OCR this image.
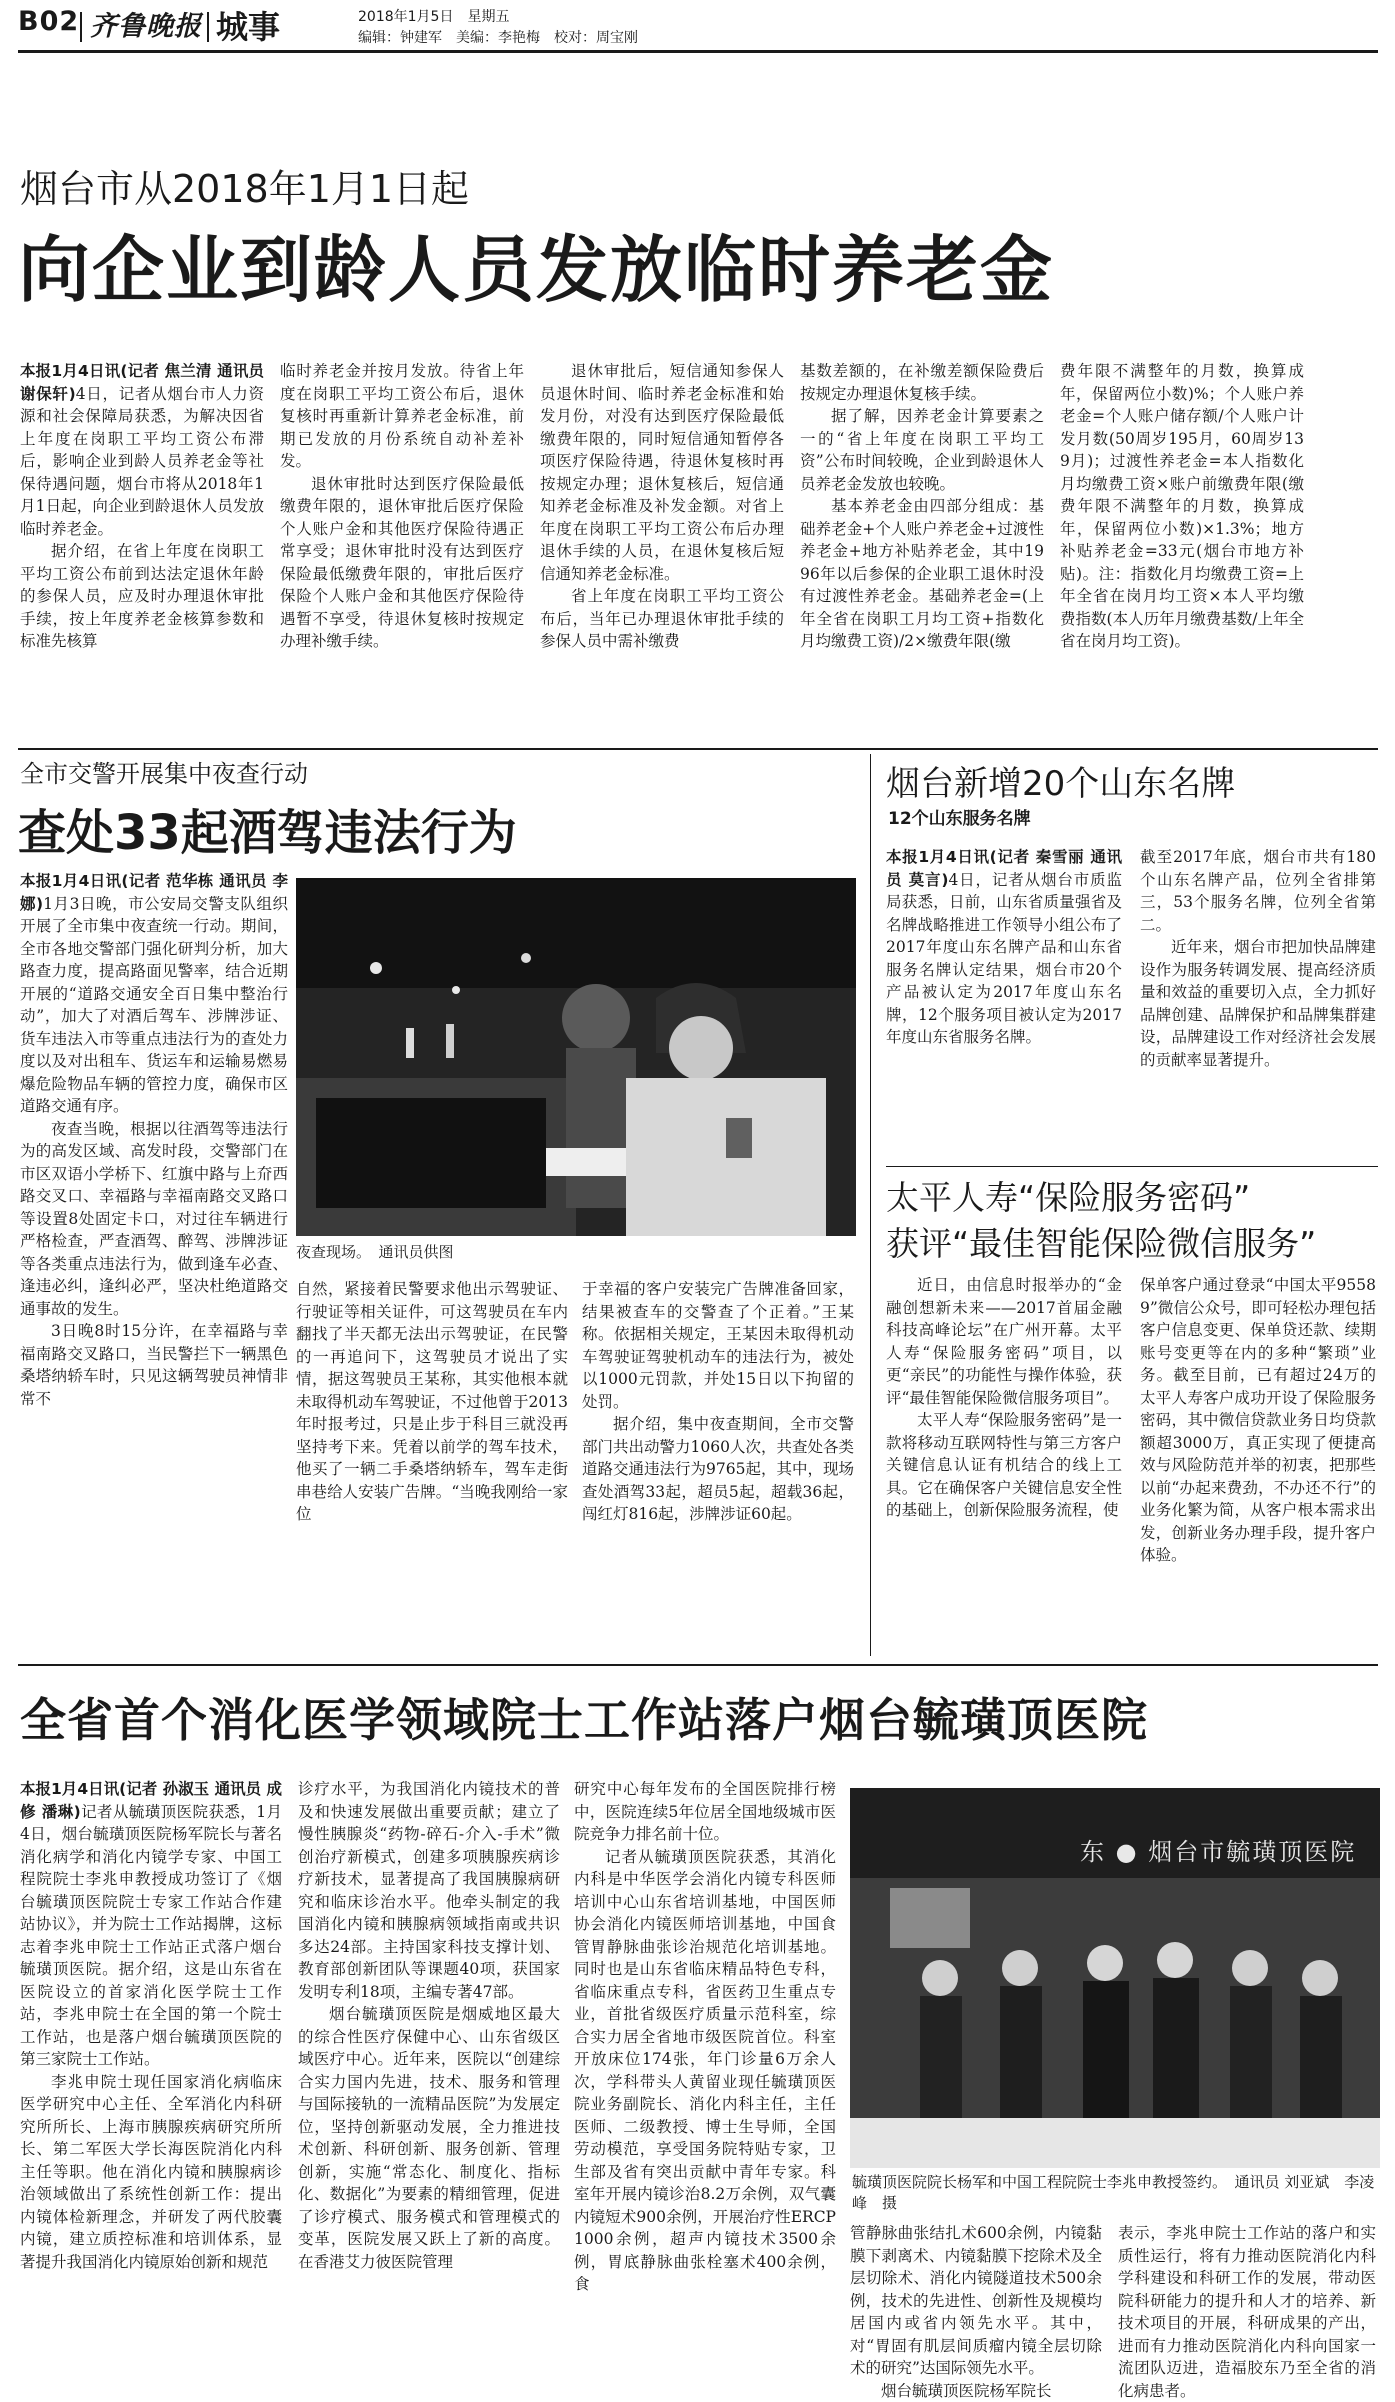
B02 齐鲁晚报 城事	2018年1月5日　星期五
编辑：钟建军　美编：李艳梅　校对：周宝刚
烟台市从2018年1月1日起
向企业到龄人员发放临时养老金

本报1月4日讯(记者 焦兰清 通讯员 谢保轩)4日，记者从烟台市人力资源和社会保障局获悉，为解决因省上年度在岗职工平均工资公布滞后，影响企业到龄人员养老金等社保待遇问题，烟台市将从2018年1月1日起，向企业到龄退休人员发放临时养老金。

据介绍，在省上年度在岗职工平均工资公布前到达法定退休年龄的参保人员，应及时办理退休审批手续，按上年度养老金核算参数和标准先核算

临时养老金并按月发放。待省上年度在岗职工平均工资公布后，退休复核时再重新计算养老金标准，前期已发放的月份系统自动补差补发。

退休审批时达到医疗保险最低缴费年限的，退休审批后医疗保险个人账户金和其他医疗保险待遇正常享受；退休审批时没有达到医疗保险最低缴费年限的，审批后医疗保险个人账户金和其他医疗保险待遇暂不享受，待退休复核时按规定办理补缴手续。

退休审批后，短信通知参保人员退休时间、临时养老金标准和始发月份，对没有达到医疗保险最低缴费年限的，同时短信通知暂停各项医疗保险待遇，待退休复核时再按规定办理；退休复核后，短信通知养老金标准及补发金额。对省上年度在岗职工平均工资公布后办理退休手续的人员，在退休复核后短信通知养老金标准。

省上年度在岗职工平均工资公布后，当年已办理退休审批手续的参保人员中需补缴费

基数差额的，在补缴差额保险费后按规定办理退休复核手续。

据了解，因养老金计算要素之一的“省上年度在岗职工平均工资”公布时间较晚，企业到龄退休人员养老金发放也较晚。

基本养老金由四部分组成：基础养老金+个人账户养老金+过渡性养老金+地方补贴养老金，其中1996年以后参保的企业职工退休时没有过渡性养老金。基础养老金=(上年全省在岗职工月均工资+指数化月均缴费工资)/2×缴费年限(缴

费年限不满整年的月数，换算成年，保留两位小数)%；个人账户养老金=个人账户储存额/个人账户计发月数(50周岁195月，60周岁139月)；过渡性养老金=本人指数化月均缴费工资×账户前缴费年限(缴费年限不满整年的月数，换算成年，保留两位小数)×1.3%；地方补贴养老金=33元(烟台市地方补贴)。注：指数化月均缴费工资=上年全省在岗月均工资×本人平均缴费指数(本人历年月缴费基数/上年全省在岗月均工资)。

全市交警开展集中夜查行动
查处33起酒驾违法行为

本报1月4日讯(记者 范华栋 通讯员 李娜)1月3日晚，市公安局交警支队组织开展了全市集中夜查统一行动。期间，全市各地交警部门强化研判分析，加大路查力度，提高路面见警率，结合近期开展的“道路交通安全百日集中整治行动”，加大了对酒后驾车、涉牌涉证、货车违法入市等重点违法行为的查处力度以及对出租车、货运车和运输易燃易爆危险物品车辆的管控力度，确保市区道路交通有序。

夜查当晚，根据以往酒驾等违法行为的高发区域、高发时段，交警部门在市区双语小学桥下、红旗中路与上夼西路交叉口、幸福路与幸福南路交叉路口等设置8处固定卡口，对过往车辆进行严格检查，严查酒驾、醉驾、涉牌涉证等各类重点违法行为，做到逢车必查、逢违必纠，逢纠必严，坚决杜绝道路交通事故的发生。

3日晚8时15分许，在幸福路与幸福南路交叉路口，当民警拦下一辆黑色桑塔纳轿车时，只见这辆驾驶员神情非常不

夜查现场。　通讯员供图

自然，紧接着民警要求他出示驾驶证、行驶证等相关证件，可这驾驶员在车内翻找了半天都无法出示驾驶证，在民警的一再追问下，这驾驶员才说出了实情，据这驾驶员王某称，其实他根本就未取得机动车驾驶证，不过他曾于2013年时报考过，只是止步于科目三就没再坚持考下来。凭着以前学的驾车技术，他买了一辆二手桑塔纳轿车，驾车走街串巷给人安装广告牌。“当晚我刚给一家位

于幸福的客户安装完广告牌准备回家，结果被查车的交警查了个正着。”王某称。依据相关规定，王某因未取得机动车驾驶证驾驶机动车的违法行为，被处以1000元罚款，并处15日以下拘留的处罚。

据介绍，集中夜查期间，全市交警部门共出动警力1060人次，共查处各类道路交通违法行为9765起，其中，现场查处酒驾33起，超员5起，超载36起，闯红灯816起，涉牌涉证60起。

烟台新增20个山东名牌
12个山东服务名牌

本报1月4日讯(记者 秦雪丽 通讯员 莫言)4日，记者从烟台市质监局获悉，日前，山东省质量强省及名牌战略推进工作领导小组公布了2017年度山东名牌产品和山东省服务名牌认定结果，烟台市20个产品被认定为2017年度山东名牌，12个服务项目被认定为2017年度山东省服务名牌。

截至2017年底，烟台市共有180个山东名牌产品，位列全省排第三，53个服务名牌，位列全省第二。

近年来，烟台市把加快品牌建设作为服务转调发展、提高经济质量和效益的重要切入点，全力抓好品牌创建、品牌保护和品牌集群建设，品牌建设工作对经济社会发展的贡献率显著提升。

太平人寿“保险服务密码”
获评“最佳智能保险微信服务”

近日，由信息时报举办的“金融创想新未来——2017首届金融科技高峰论坛”在广州开幕。太平人寿“保险服务密码”项目，以更“亲民”的功能性与操作体验，获评“最佳智能保险微信服务项目”。

太平人寿“保险服务密码”是一款将移动互联网特性与第三方客户关键信息认证有机结合的线上工具。它在确保客户关键信息安全性的基础上，创新保险服务流程，使

保单客户通过登录“中国太平95589”微信公众号，即可轻松办理包括客户信息变更、保单贷还款、续期账号变更等在内的多种“繁琐”业务。截至目前，已有超过24万的太平人寿客户成功开设了保险服务密码，其中微信贷款业务日均贷款额超3000万，真正实现了便捷高效与风险防范并举的初衷，把那些以前“办起来费劲，不办还不行”的业务化繁为简，从客户根本需求出发，创新业务办理手段，提升客户体验。

全省首个消化医学领域院士工作站落户烟台毓璜顶医院

本报1月4日讯(记者 孙淑玉 通讯员 成修 潘琳)记者从毓璜顶医院获悉，1月4日，烟台毓璜顶医院杨军院长与著名消化病学和消化内镜学专家、中国工程院院士李兆申教授成功签订了《烟台毓璜顶医院院士专家工作站合作建站协议》，并为院士工作站揭牌，这标志着李兆申院士工作站正式落户烟台毓璜顶医院。据介绍，这是山东省在医院设立的首家消化医学院士工作站，李兆申院士在全国的第一个院士工作站，也是落户烟台毓璜顶医院的第三家院士工作站。

李兆申院士现任国家消化病临床医学研究中心主任、全军消化内科研究所所长、上海市胰腺疾病研究所所长、第二军医大学长海医院消化内科主任等职。他在消化内镜和胰腺病诊治领域做出了系统性创新工作：提出内镜体检新理念，并研发了两代胶囊内镜，建立质控标准和培训体系，显著提升我国消化内镜原始创新和规范

诊疗水平，为我国消化内镜技术的普及和快速发展做出重要贡献；建立了慢性胰腺炎“药物-碎石-介入-手术”微创治疗新模式，创建多项胰腺疾病诊疗新技术，显著提高了我国胰腺病研究和临床诊治水平。他牵头制定的我国消化内镜和胰腺病领域指南或共识多达24部。主持国家科技支撑计划、教育部创新团队等课题40项，获国家发明专利18项，主编专著47部。

烟台毓璜顶医院是烟威地区最大的综合性医疗保健中心、山东省级区域医疗中心。近年来，医院以“创建综合实力国内先进，技术、服务和管理与国际接轨的一流精品医院”为发展定位，坚持创新驱动发展，全力推进技术创新、科研创新、服务创新、管理创新，实施“常态化、制度化、指标化、数据化”为要素的精细管理，促进了诊疗模式、服务模式和管理模式的变革，医院发展又跃上了新的高度。在香港艾力彼医院管理

研究中心每年发布的全国医院排行榜中，医院连续5年位居全国地级城市医院竞争力排名前十位。

记者从毓璜顶医院获悉，其消化内科是中华医学会消化内镜专科医师培训中心山东省培训基地，中国医师协会消化内镜医师培训基地，中国食管胃静脉曲张诊治规范化培训基地。同时也是山东省临床精品特色专科，省临床重点专科，省医药卫生重点专业，首批省级医疗质量示范科室，综合实力居全省地市级医院首位。科室开放床位174张，年门诊量6万余人次，学科带头人黄留业现任毓璜顶医院业务副院长、消化内科主任，主任医师、二级教授、博士生导师，全国劳动模范，享受国务院特贴专家，卫生部及省有突出贡献中青年专家。科室年开展内镜诊治8.2万余例，双气囊内镜短术900余例，开展治疗性ERCP1000余例，超声内镜技术3500余例，胃底静脉曲张栓塞术400余例，食

东 ● 烟台市毓璜顶医院
毓璜顶医院院长杨军和中国工程院院士李兆申教授签约。　通讯员 刘亚斌　李凌峰　摄

管静脉曲张结扎术600余例，内镜黏膜下剥离术、内镜黏膜下挖除术及全层切除术、消化内镜隧道技术500余例，技术的先进性、创新性及规模均居国内或省内领先水平。其中，对“胃固有肌层间质瘤内镜全层切除术的研究”达国际领先水平。

烟台毓璜顶医院杨军院长

表示，李兆申院士工作站的落户和实质性运行，将有力推动医院消化内科学科建设和科研工作的发展，带动医院科研能力的提升和人才的培养、新技术项目的开展，科研成果的产出，进而有力推动医院消化内科向国家一流团队迈进，造福胶东乃至全省的消化病患者。
